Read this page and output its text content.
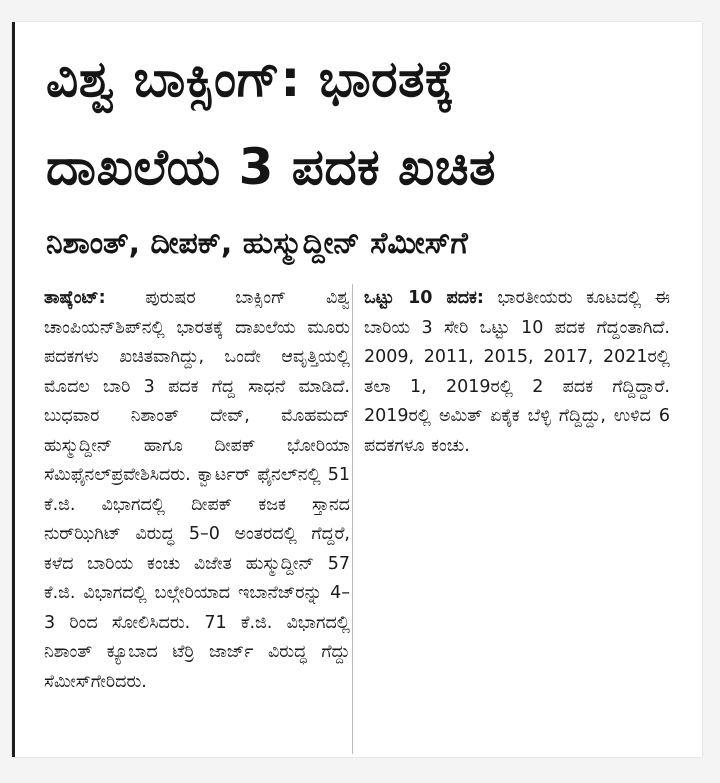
ವಿಶ್ವ ಬಾಕ್ಸಿಂಗ್: ಭಾರತಕ್ಕೆ
ದಾಖಲೆಯ 3 ಪದಕ ಖಚಿತ
ನಿಶಾಂತ್, ದೀಪಕ್, ಹುಸ್ಮುದ್ದೀನ್ ಸೆಮೀಸ್‌ಗೆ

ತಾಷ್ಕೆಂಟ್: ಪುರುಷರ ಬಾಕ್ಸಿಂಗ್ ವಿಶ್ವ ಚಾಂಪಿಯನ್‌ಶಿಪ್‌ನಲ್ಲಿ ಭಾರತಕ್ಕೆ ದಾಖಲೆಯ ಮೂರು ಪದಕಗಳು ಖಚಿತವಾಗಿದ್ದು, ಒಂದೇ ಆವೃತ್ತಿಯಲ್ಲಿ ಮೊದಲ ಬಾರಿ 3 ಪದಕ ಗೆದ್ದ ಸಾಧನೆ ಮಾಡಿದೆ. ಬುಧವಾರ ನಿಶಾಂತ್ ದೇವ್, ಮೊಹಮದ್ ಹುಸ್ಮುದ್ದೀನ್ ಹಾಗೂ ದೀಪಕ್ ಭೋರಿಯಾ ಸೆಮಿಫೈನಲ್‌ಪ್ರವೇಶಿಸಿದರು. ಕ್ವಾರ್ಟರ್ ಫೈನಲ್‌ನಲ್ಲಿ 51 ಕೆ.ಜಿ. ವಿಭಾಗದಲ್ಲಿ ದೀಪಕ್ ಕಜಕ ಸ್ತಾನದ ನುರ್‌ಝಿಗಿಟ್ ವಿರುದ್ಧ 5–0 ಅಂತರದಲ್ಲಿ ಗೆದ್ದರೆ, ಕಳೆದ ಬಾರಿಯ ಕಂಚು ವಿಜೇತ ಹುಸ್ಮುದ್ದೀನ್ 57 ಕೆ.ಜಿ. ವಿಭಾಗದಲ್ಲಿ ಬಲ್ಗೇರಿಯಾದ ಇಬಾನೆಜ್‌ರನ್ನು 4–3 ರಿಂದ ಸೋಲಿಸಿದರು. 71 ಕೆ.ಜಿ. ವಿಭಾಗದಲ್ಲಿ ನಿಶಾಂತ್ ಕ್ಯೂಬಾದ ಟೆರ್ರಿ ಜಾರ್ಜ್ ವಿರುದ್ಧ ಗೆದ್ದು ಸೆಮೀಸ್‌ಗೇರಿದರು.

ಒಟ್ಟು 10 ಪದಕ: ಭಾರತೀಯರು ಕೂಟದಲ್ಲಿ ಈ ಬಾರಿಯ 3 ಸೇರಿ ಒಟ್ಟು 10 ಪದಕ ಗೆದ್ದಂತಾಗಿದೆ. 2009, 2011, 2015, 2017, 2021ರಲ್ಲಿ ತಲಾ 1, 2019ರಲ್ಲಿ 2 ಪದಕ ಗೆದ್ದಿದ್ದಾರೆ. 2019ರಲ್ಲಿ ಅಮಿತ್ ಏಕೈಕ ಬೆಳ್ಳಿ ಗೆದ್ದಿದ್ದು, ಉಳಿದ 6 ಪದಕಗಳೂ ಕಂಚು.
